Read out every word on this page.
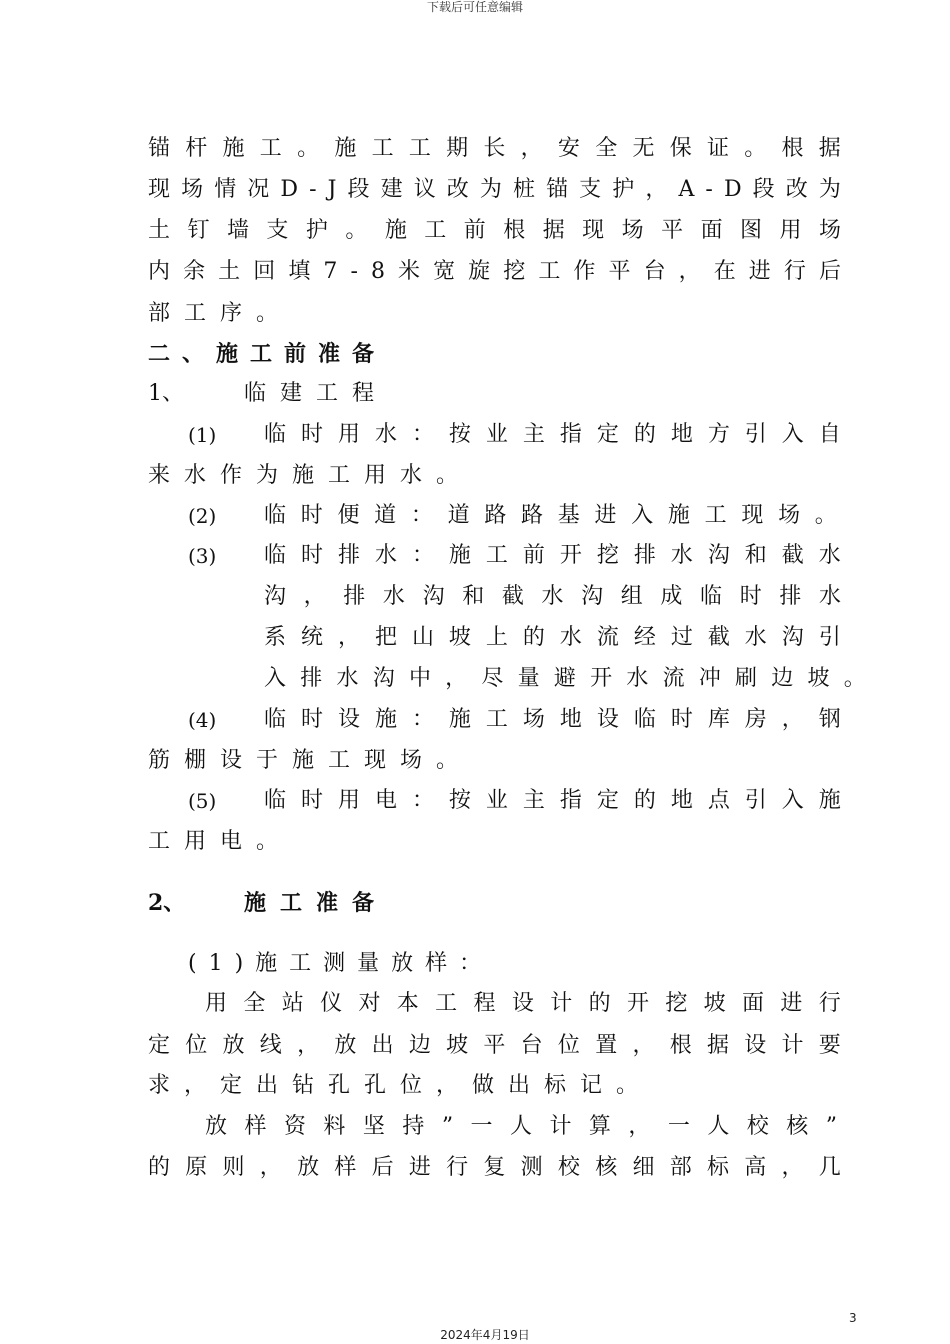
下载后可任意编辑
锚 杆 施 工 。 施 工 工 期 长 ， 安 全 无 保 证 。 根 据
现 场 情 况 D - J 段 建 议 改 为 桩 锚 支 护 ， A - D 段 改 为
土 钉 墙 支 护 。 施 工 前 根 据 现 场 平 面 图 用 场
内 余 土 回 填 7 - 8 米 宽 旋 挖 工 作 平 台 ， 在 进 行 后
部工序。
二、施工前准备
1、	临建工程
(1) 临 时 用 水 ： 按 业 主 指 定 的 地 方 引 入 自
来水作为施工用水。
(2) 临 时 便 道 ： 道 路 路 基 进 入 施 工 现 场 。
(3) 临 时 排 水 ： 施 工 前 开 挖 排 水 沟 和 截 水
沟 ， 排 水 沟 和 截 水 沟 组 成 临 时 排 水
系 统 ， 把 山 坡 上 的 水 流 经 过 截 水 沟 引
入 排 水 沟 中 ， 尽 量 避 开 水 流 冲 刷 边 坡 。
(4) 临 时 设 施 ： 施 工 场 地 设 临 时 库 房 ， 钢
筋棚设于施工现场。
(5) 临 时 用 电 ： 按 业 主 指 定 的 地 点 引 入 施
工用电。
2、	施工准备
(1)施工测量放样：
用 全 站 仪 对 本 工 程 设 计 的 开 挖 坡 面 进 行
定 位 放 线 ， 放 出 边 坡 平 台 位 置 ， 根 据 设 计 要
求，定出钻孔孔位，做出标记。
放 样 资 料 坚 持 ” 一 人 计 算 ， 一 人 校 核 ”
的 原 则 ， 放 样 后 进 行 复 测 校 核 细 部 标 高 ， 几
3
2024年4月19日
